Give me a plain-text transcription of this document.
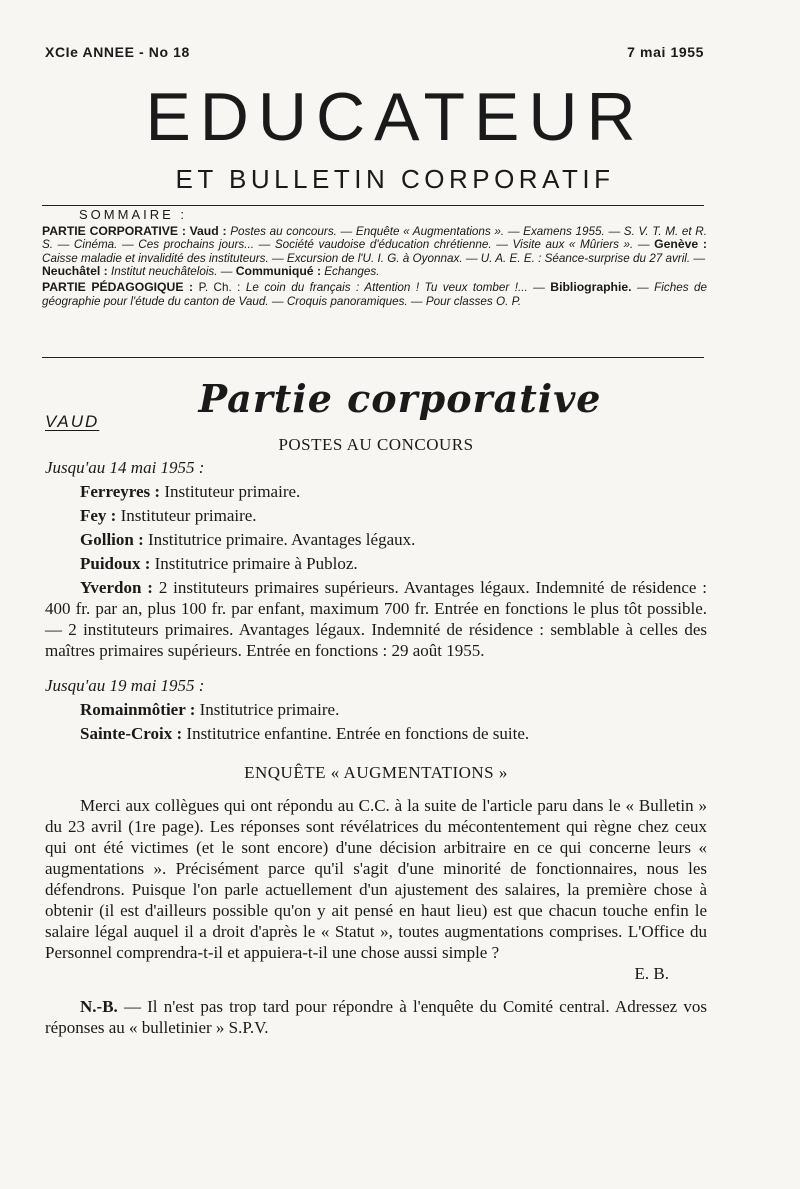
XCIe ANNEE - No 18	7 mai 1955
EDUCATEUR
ET BULLETIN CORPORATIF
SOMMAIRE :
PARTIE CORPORATIVE : Vaud : Postes au concours. — Enquête « Augmentations ». — Examens 1955. — S. V. T. M. et R. S. — Cinéma. — Ces prochains jours... — Société vaudoise d'éducation chrétienne. — Visite aux « Mûriers ». — Genève : Caisse maladie et invalidité des instituteurs. — Excursion de l'U. I. G. à Oyonnax. — U. A. E. E. : Séance-surprise du 27 avril. —
Neuchâtel : Institut neuchâtelois. — Communiqué : Echanges.
PARTIE PÉDAGOGIQUE : P. Ch. : Le coin du français : Attention ! Tu veux tomber !... — Bibliographie. — Fiches de géographie pour l'étude du canton de Vaud. — Croquis panoramiques. — Pour classes O. P.
Partie corporative
VAUD
POSTES AU CONCOURS
Jusqu'au 14 mai 1955 :
Ferreyres : Instituteur primaire.
Fey : Instituteur primaire.
Gollion : Institutrice primaire. Avantages légaux.
Puidoux : Institutrice primaire à Publoz.
Yverdon : 2 instituteurs primaires supérieurs. Avantages légaux. Indemnité de résidence : 400 fr. par an, plus 100 fr. par enfant, maximum 700 fr. Entrée en fonctions le plus tôt possible. — 2 instituteurs primaires. Avantages légaux. Indemnité de résidence : semblable à celles des maîtres primaires supérieurs. Entrée en fonctions : 29 août 1955.
Jusqu'au 19 mai 1955 :
Romainmôtier : Institutrice primaire.
Sainte-Croix : Institutrice enfantine. Entrée en fonctions de suite.
ENQUÊTE « AUGMENTATIONS »
Merci aux collègues qui ont répondu au C.C. à la suite de l'article paru dans le « Bulletin » du 23 avril (1re page). Les réponses sont révélatrices du mécontentement qui règne chez ceux qui ont été victimes (et le sont encore) d'une décision arbitraire en ce qui concerne leurs « augmentations ». Précisément parce qu'il s'agit d'une minorité de fonctionnaires, nous les défendrons. Puisque l'on parle actuellement d'un ajustement des salaires, la première chose à obtenir (il est d'ailleurs possible qu'on y ait pensé en haut lieu) est que chacun touche enfin le salaire légal auquel il a droit d'après le « Statut », toutes augmentations comprises. L'Office du Personnel comprendra-t-il et appuiera-t-il une chose aussi simple ?
E. B.
N.-B. — Il n'est pas trop tard pour répondre à l'enquête du Comité central. Adressez vos réponses au « bulletinier » S.P.V.
